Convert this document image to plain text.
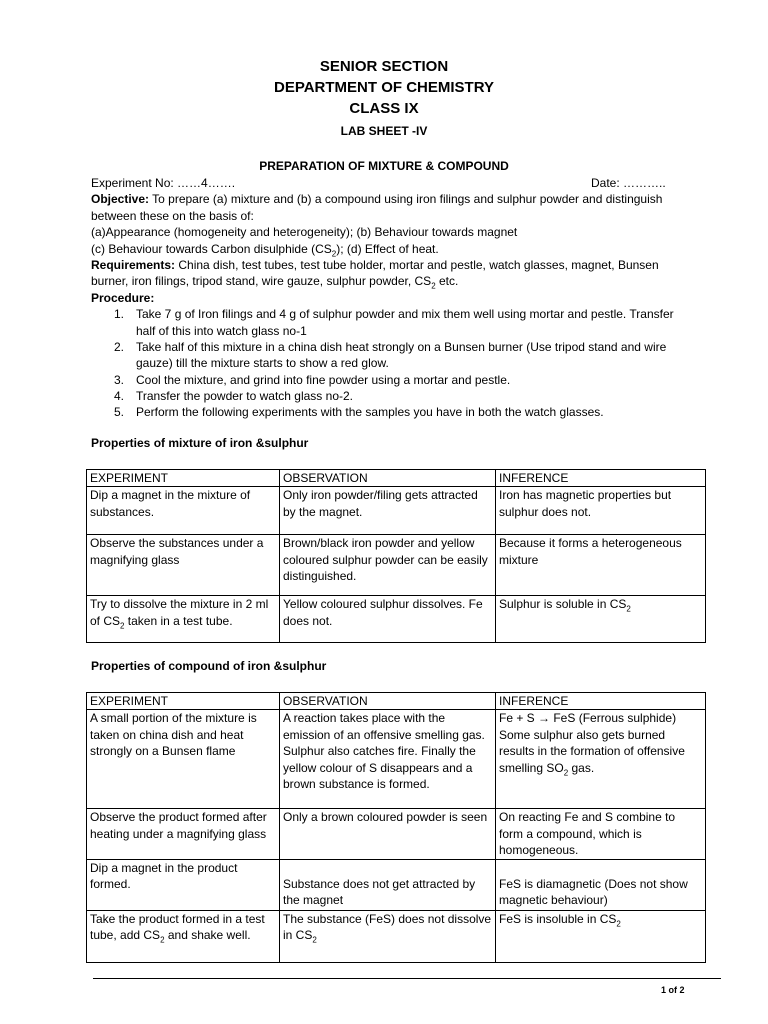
SENIOR SECTION
DEPARTMENT OF CHEMISTRY
CLASS IX
LAB SHEET -IV
PREPARATION OF MIXTURE & COMPOUND
Experiment No: ……4…….	Date: ………..
Objective: To prepare (a) mixture and (b) a compound using iron filings and sulphur powder and distinguish
between these on the basis of:
(a)Appearance (homogeneity and heterogeneity); (b) Behaviour towards magnet
(c) Behaviour towards Carbon disulphide $(CS_2)$; (d) Effect of heat.
Requirements: China dish, test tubes, test tube holder, mortar and pestle, watch glasses, magnet, Bunsen
burner, iron filings, tripod stand, wire gauze, sulphur powder, $CS_2$ etc.
Procedure:
1. Take 7 g of Iron filings and 4 g of sulphur powder and mix them well using mortar and pestle. Transfer
half of this into watch glass no-1
2. Take half of this mixture in a china dish heat strongly on a Bunsen burner (Use tripod stand and wire
gauze) till the mixture starts to show a red glow.
3. Cool the mixture, and grind into fine powder using a mortar and pestle.
4. Transfer the powder to watch glass no-2.
5. Perform the following experiments with the samples you have in both the watch glasses.
Properties of mixture of iron &sulphur
EXPERIMENT	OBSERVATION	INFERENCE
Dip a magnet in the mixture of substances.	Only iron powder/filing gets attracted by the magnet.	Iron has magnetic properties but sulphur does not.
Observe the substances under a magnifying glass	Brown/black iron powder and yellow coloured sulphur powder can be easily distinguished.	Because it forms a heterogeneous mixture
Try to dissolve the mixture in 2 ml of $CS_2$ taken in a test tube.	Yellow coloured sulphur dissolves. Fe does not.	Sulphur is soluble in $CS_2$
Properties of compound of iron &sulphur
EXPERIMENT	OBSERVATION	INFERENCE
A small portion of the mixture is taken on china dish and heat strongly on a Bunsen flame	A reaction takes place with the emission of an offensive smelling gas. Sulphur also catches fire. Finally the yellow colour of S disappears and a brown substance is formed.	Fe + S → FeS (Ferrous sulphide)
Some sulphur also gets burned results in the formation of offensive smelling $SO_2$ gas.
Observe the product formed after heating under a magnifying glass	Only a brown coloured powder is seen	On reacting Fe and S combine to form a compound, which is homogeneous.
Dip a magnet in the product formed.	Substance does not get attracted by the magnet	FeS is diamagnetic (Does not show magnetic behaviour)
Take the product formed in a test tube, add $CS_2$ and shake well.	The substance (FeS) does not dissolve in $CS_2$	FeS is insoluble in $CS_2$
1 of 2
